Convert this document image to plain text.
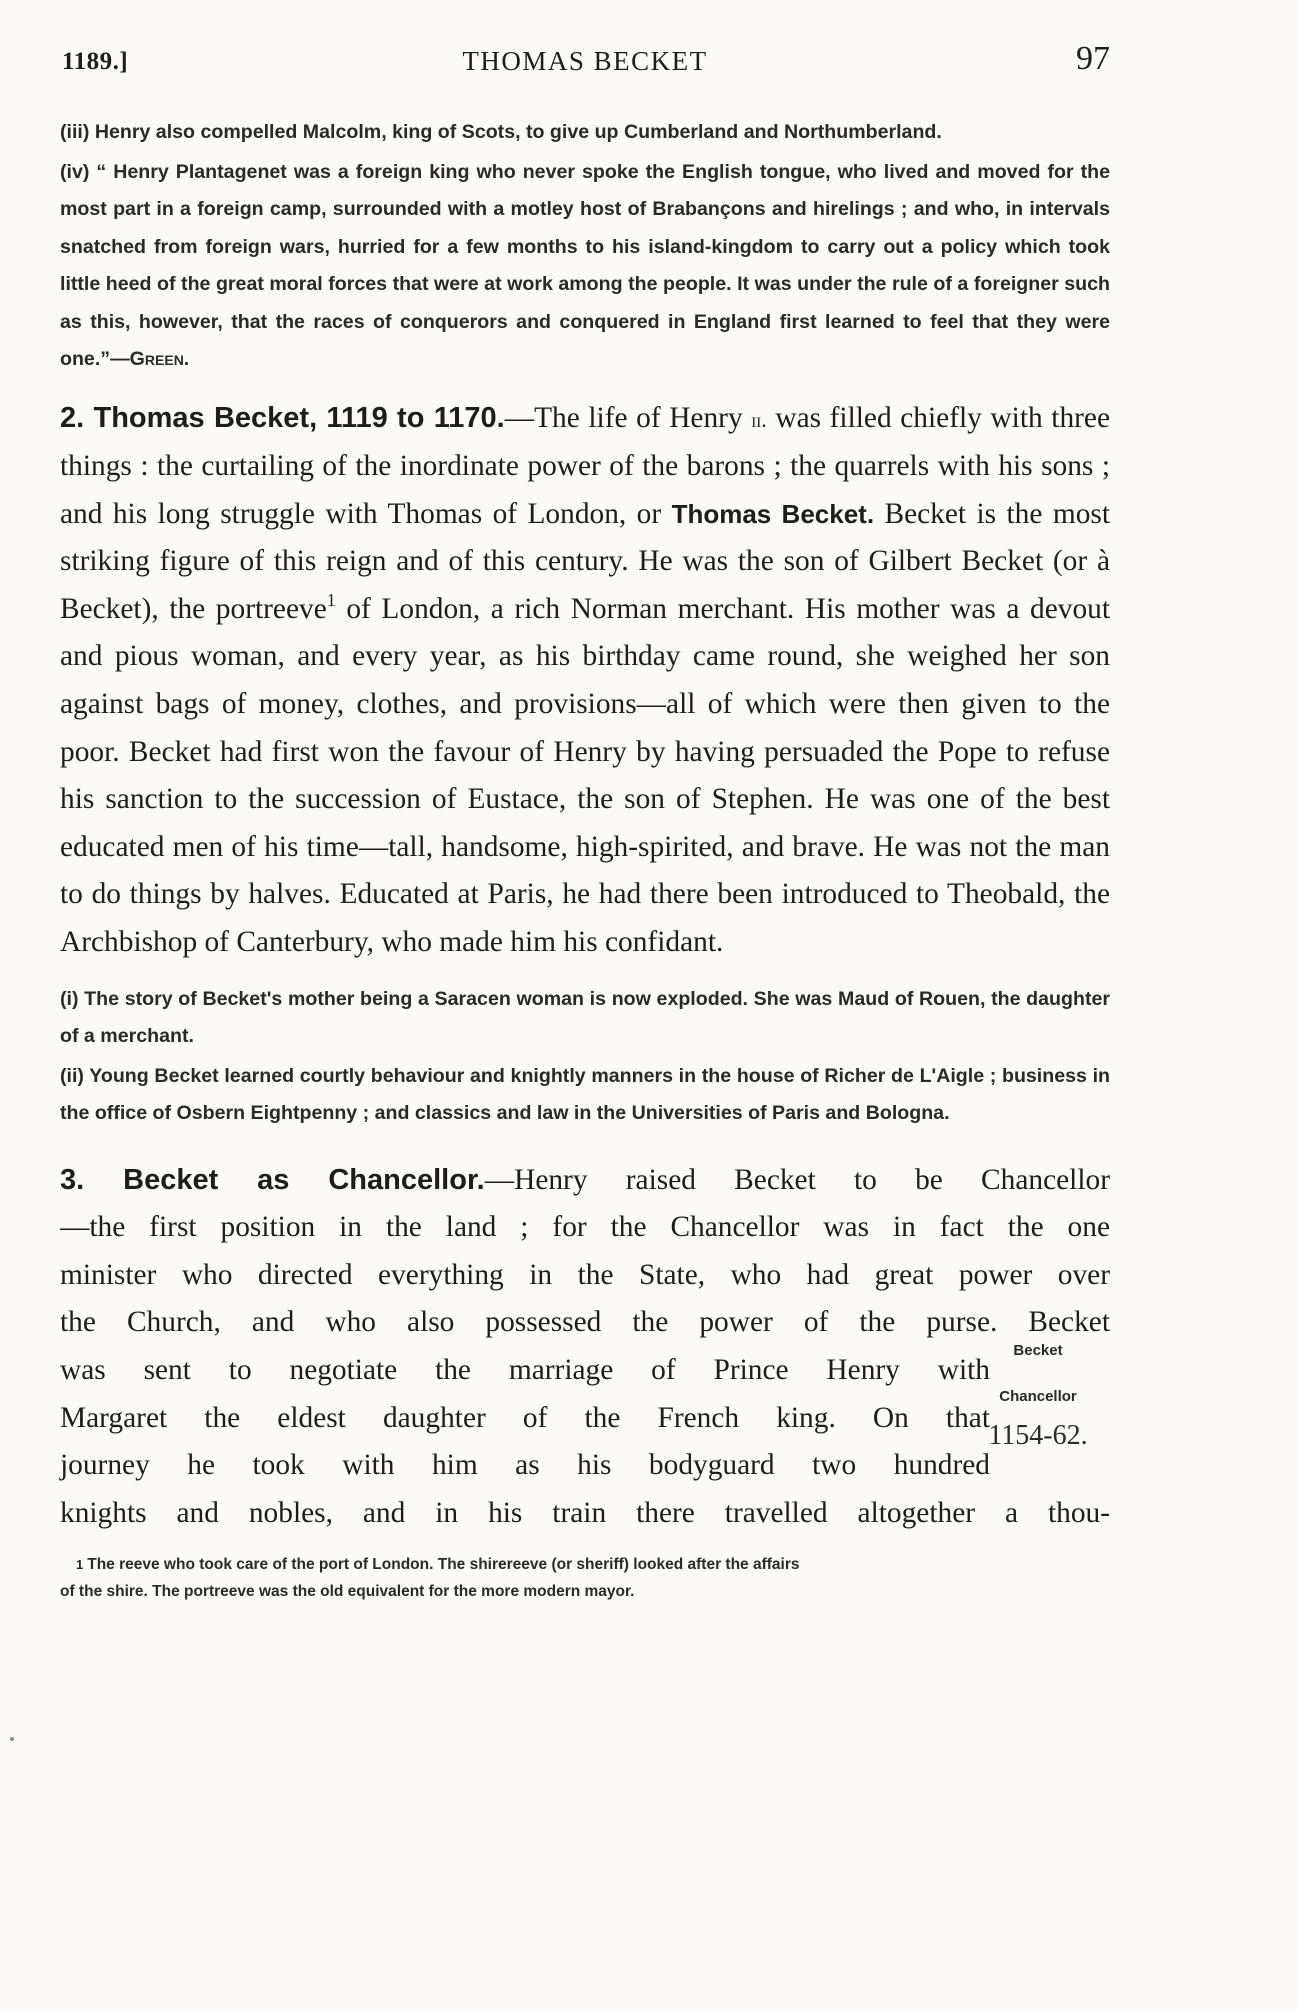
1189.]	THOMAS BECKET	97

(iii) Henry also compelled Malcolm, king of Scots, to give up Cumberland and Northumberland.

(iv) “ Henry Plantagenet was a foreign king who never spoke the English tongue, who lived and moved for the most part in a foreign camp, surrounded with a motley host of Brabançons and hirelings ; and who, in intervals snatched from foreign wars, hurried for a few months to his island-kingdom to carry out a policy which took little heed of the great moral forces that were at work among the people. It was under the rule of a foreigner such as this, however, that the races of conquerors and conquered in England first learned to feel that they were one.”—Green.

2. Thomas Becket, 1119 to 1170.—The life of Henry ii. was filled chiefly with three things : the curtailing of the inordinate power of the barons ; the quarrels with his sons ; and his long struggle with Thomas of London, or Thomas Becket. Becket is the most striking figure of this reign and of this century. He was the son of Gilbert Becket (or à Becket), the portreeve$^1$ of London, a rich Norman merchant. His mother was a devout and pious woman, and every year, as his birthday came round, she weighed her son against bags of money, clothes, and provisions—all of which were then given to the poor. Becket had first won the favour of Henry by having persuaded the Pope to refuse his sanction to the succession of Eustace, the son of Stephen. He was one of the best educated men of his time—tall, handsome, high-spirited, and brave. He was not the man to do things by halves. Educated at Paris, he had there been introduced to Theobald, the Archbishop of Canterbury, who made him his confidant.

(i) The story of Becket's mother being a Saracen woman is now exploded. She was Maud of Rouen, the daughter of a merchant.

(ii) Young Becket learned courtly behaviour and knightly manners in the house of Richer de L'Aigle ; business in the office of Osbern Eightpenny ; and classics and law in the Universities of Paris and Bologna.

3. Becket as Chancellor.—Henry raised Becket to be Chancellor
—the first position in the land ; for the Chancellor was in fact the one
minister who directed everything in the State, who had great power over
the Church, and who also possessed the power of the purse. Becket
was sent to negotiate the marriage of Prince Henry with
Margaret the eldest daughter of the French king. On that
journey he took with him as his bodyguard two hundred
knights and nobles, and in his train there travelled altogether a thou-
Becket
Chancellor
1154-62.
1 The reeve who took care of the port of London. The shirereeve (or sheriff) looked after the affairs
of the shire. The portreeve was the old equivalent for the more modern mayor.
